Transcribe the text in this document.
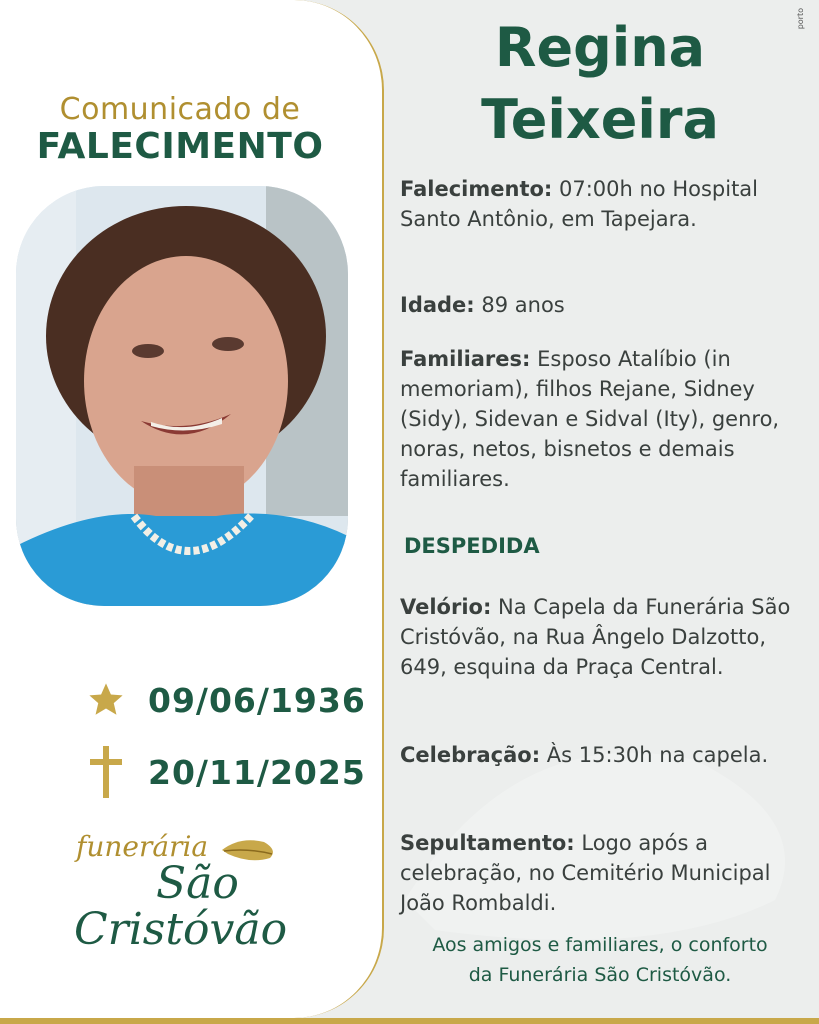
Comunicado de
FALECIMENTO
09/06/1936
20/11/2025
funerária
São
Cristóvão
porto
Regina
Teixeira
Falecimento: 07:00h no Hospital Santo Antônio, em Tapejara.
Idade: 89 anos
Familiares: Esposo Atalíbio (in memoriam), filhos Rejane, Sidney (Sidy), Sidevan e Sidval (Ity), genro, noras, netos, bisnetos e demais familiares.
DESPEDIDA
Velório: Na Capela da Funerária São Cristóvão, na Rua Ângelo Dalzotto, 649, esquina da Praça Central.
Celebração: Às 15:30h na capela.
Sepultamento: Logo após a celebração, no Cemitério Municipal João Rombaldi.
Aos amigos e familiares, o conforto
da Funerária São Cristóvão.
